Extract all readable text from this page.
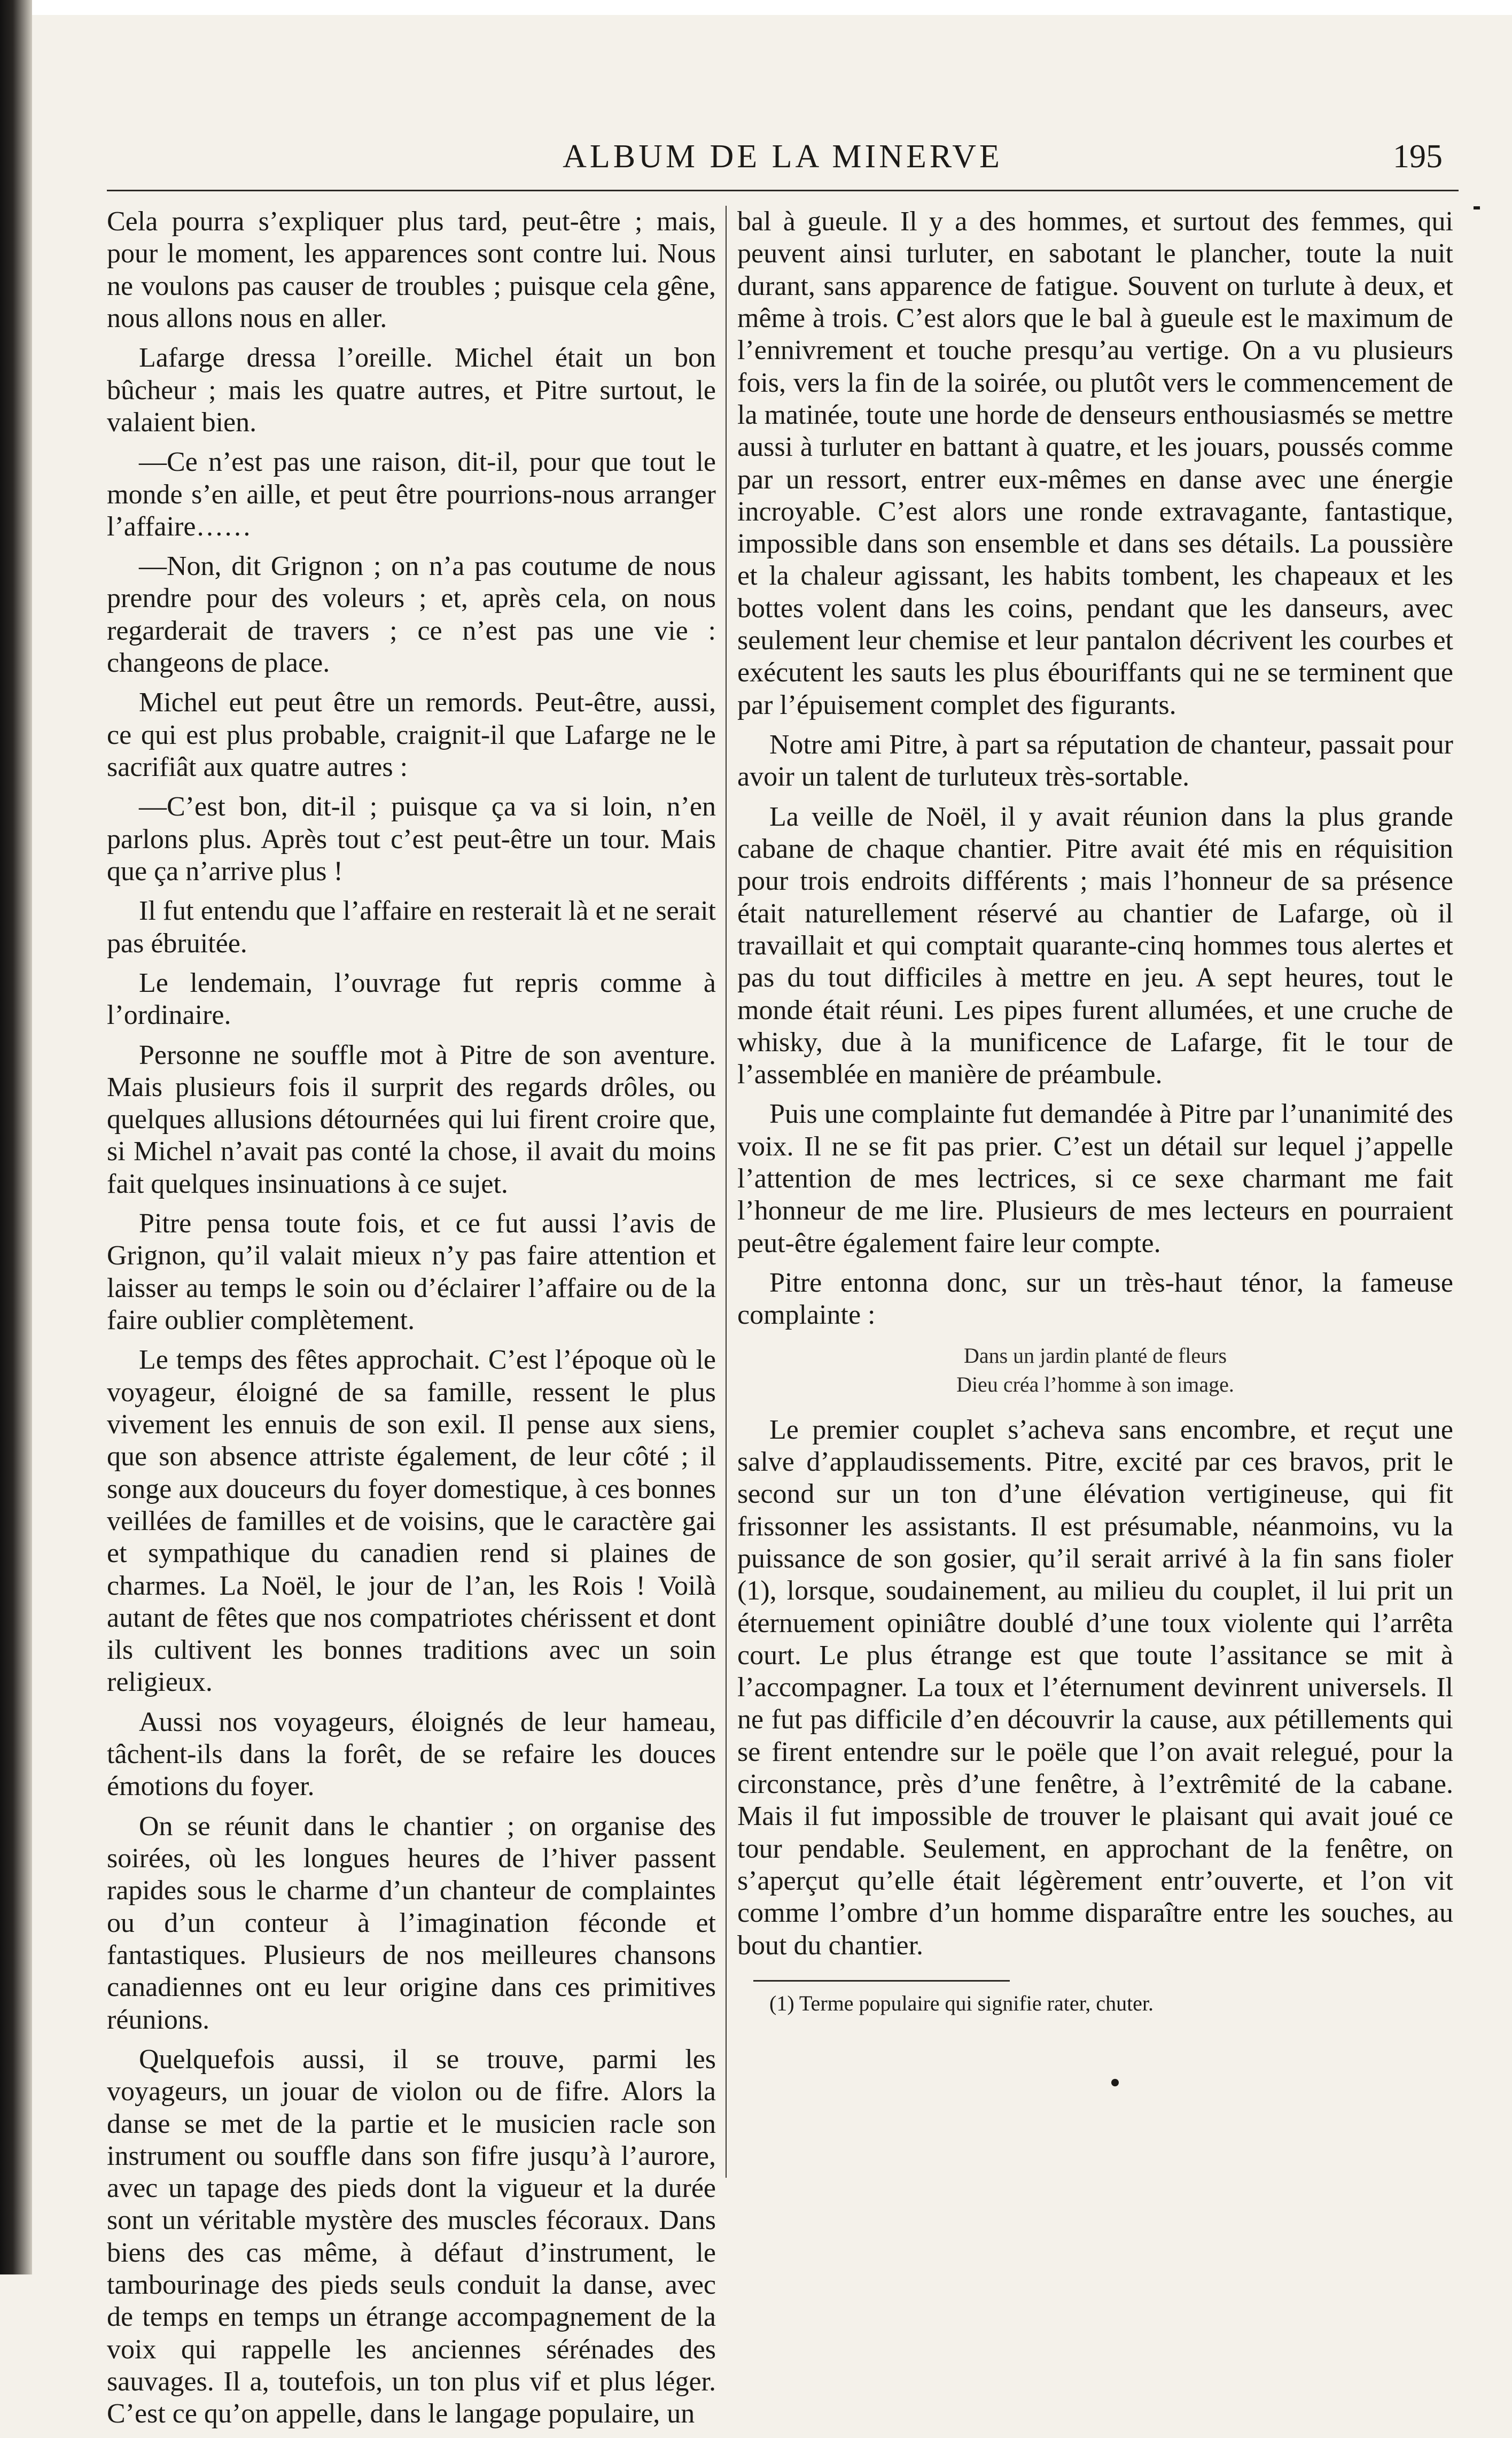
ALBUM DE LA MINERVE	195

Cela pourra s’expliquer plus tard, peut-être ; mais, pour le moment, les apparences sont contre lui. Nous ne voulons pas causer de troubles ; puisque cela gêne, nous allons nous en aller.

Lafarge dressa l’oreille. Michel était un bon bûcheur ; mais les quatre autres, et Pitre surtout, le valaient bien.

—Ce n’est pas une raison, dit-il, pour que tout le monde s’en aille, et peut être pourrions-nous arranger l’affaire……

—Non, dit Grignon ; on n’a pas coutume de nous prendre pour des voleurs ; et, après cela, on nous regarderait de travers ; ce n’est pas une vie : changeons de place.

Michel eut peut être un remords. Peut-être, aussi, ce qui est plus probable, craignit-il que Lafarge ne le sacrifiât aux quatre autres :

—C’est bon, dit-il ; puisque ça va si loin, n’en parlons plus. Après tout c’est peut-être un tour. Mais que ça n’arrive plus !

Il fut entendu que l’affaire en resterait là et ne serait pas ébruitée.

Le lendemain, l’ouvrage fut repris comme à l’ordinaire.

Personne ne souffle mot à Pitre de son aventure. Mais plusieurs fois il surprit des regards drôles, ou quelques allusions détournées qui lui firent croire que, si Michel n’avait pas conté la chose, il avait du moins fait quelques insinuations à ce sujet.

Pitre pensa toute fois, et ce fut aussi l’avis de Grignon, qu’il valait mieux n’y pas faire attention et laisser au temps le soin ou d’éclairer l’affaire ou de la faire oublier complètement.

Le temps des fêtes approchait. C’est l’époque où le voyageur, éloigné de sa famille, ressent le plus vivement les ennuis de son exil. Il pense aux siens, que son absence attriste également, de leur côté ; il songe aux douceurs du foyer domestique, à ces bonnes veillées de familles et de voisins, que le caractère gai et sympathique du canadien rend si plaines de charmes. La Noël, le jour de l’an, les Rois ! Voilà autant de fêtes que nos compatriotes chérissent et dont ils cultivent les bonnes traditions avec un soin religieux.

Aussi nos voyageurs, éloignés de leur hameau, tâchent-ils dans la forêt, de se refaire les douces émotions du foyer.

On se réunit dans le chantier ; on organise des soirées, où les longues heures de l’hiver passent rapides sous le charme d’un chanteur de complaintes ou d’un conteur à l’imagination féconde et fantastiques. Plusieurs de nos meilleures chansons canadiennes ont eu leur origine dans ces primitives réunions.

Quelquefois aussi, il se trouve, parmi les voyageurs, un jouar de violon ou de fifre. Alors la danse se met de la partie et le musicien racle son instrument ou souffle dans son fifre jusqu’à l’aurore, avec un tapage des pieds dont la vigueur et la durée sont un véritable mystère des muscles fécoraux. Dans biens des cas même, à défaut d’instrument, le tambourinage des pieds seuls conduit la danse, avec de temps en temps un étrange accompagnement de la voix qui rappelle les anciennes sérénades des sauvages. Il a, toutefois, un ton plus vif et plus léger. C’est ce qu’on appelle, dans le langage populaire, un

bal à gueule. Il y a des hommes, et surtout des femmes, qui peuvent ainsi turluter, en sabotant le plancher, toute la nuit durant, sans apparence de fatigue. Souvent on turlute à deux, et même à trois. C’est alors que le bal à gueule est le maximum de l’ennivrement et touche presqu’au vertige. On a vu plusieurs fois, vers la fin de la soirée, ou plutôt vers le commencement de la matinée, toute une horde de denseurs enthousiasmés se mettre aussi à turluter en battant à quatre, et les jouars, poussés comme par un ressort, entrer eux-mêmes en danse avec une énergie incroyable. C’est alors une ronde extravagante, fantastique, impossible dans son ensemble et dans ses détails. La poussière et la chaleur agissant, les habits tombent, les chapeaux et les bottes volent dans les coins, pendant que les danseurs, avec seulement leur chemise et leur pantalon décrivent les courbes et exécutent les sauts les plus ébouriffants qui ne se terminent que par l’épuisement complet des figurants.

Notre ami Pitre, à part sa réputation de chanteur, passait pour avoir un talent de turluteux très-sortable.

La veille de Noël, il y avait réunion dans la plus grande cabane de chaque chantier. Pitre avait été mis en réquisition pour trois endroits différents ; mais l’honneur de sa présence était naturellement réservé au chantier de Lafarge, où il travaillait et qui comptait quarante-cinq hommes tous alertes et pas du tout difficiles à mettre en jeu. A sept heures, tout le monde était réuni. Les pipes furent allumées, et une cruche de whisky, due à la munificence de Lafarge, fit le tour de l’assemblée en manière de préambule.

Puis une complainte fut demandée à Pitre par l’unanimité des voix. Il ne se fit pas prier. C’est un détail sur lequel j’appelle l’attention de mes lectrices, si ce sexe charmant me fait l’honneur de me lire. Plusieurs de mes lecteurs en pourraient peut-être également faire leur compte.

Pitre entonna donc, sur un très-haut ténor, la fameuse complainte :

Dans un jardin planté de fleurs
Dieu créa l’homme à son image.

Le premier couplet s’acheva sans encombre, et reçut une salve d’applaudissements. Pitre, excité par ces bravos, prit le second sur un ton d’une élévation vertigineuse, qui fit frissonner les assistants. Il est présumable, néanmoins, vu la puissance de son gosier, qu’il serait arrivé à la fin sans fioler (1), lorsque, soudainement, au milieu du couplet, il lui prit un éternuement opiniâtre doublé d’une toux violente qui l’arrêta court. Le plus étrange est que toute l’assitance se mit à l’accompagner. La toux et l’éternument devinrent universels. Il ne fut pas difficile d’en découvrir la cause, aux pétillements qui se firent entendre sur le poële que l’on avait relegué, pour la circonstance, près d’une fenêtre, à l’extrêmité de la cabane. Mais il fut impossible de trouver le plaisant qui avait joué ce tour pendable. Seulement, en approchant de la fenêtre, on s’aperçut qu’elle était légèrement entr’ouverte, et l’on vit comme l’ombre d’un homme disparaître entre les souches, au bout du chantier.

(1) Terme populaire qui signifie rater, chuter.
